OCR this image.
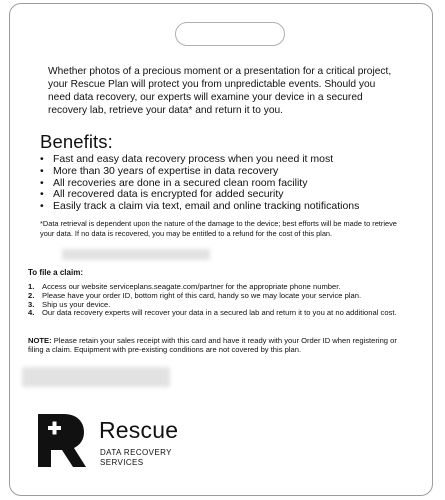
Whether photos of a precious moment or a presentation for a critical project, your Rescue Plan will protect you from unpredictable events. Should you need data recovery, our experts will examine your device in a secured recovery lab, retrieve your data* and return it to you.

Benefits:
• Fast and easy data recovery process when you need it most
• More than 30 years of expertise in data recovery
• All recoveries are done in a secured clean room facility
• All recovered data is encrypted for added security
• Easily track a claim via text, email and online tracking notifications

*Data retrieval is dependent upon the nature of the damage to the device; best efforts will be made to retrieve your data. If no data is recovered, you may be entitled to a refund for the cost of this plan.

To file a claim:
1. Access our website serviceplans.seagate.com/partner for the appropriate phone number.
2. Please have your order ID, bottom right of this card, handy so we may locate your service plan.
3. Ship us your device.
4. Our data recovery experts will recover your data in a secured lab and return it to you at no additional cost.

NOTE: Please retain your sales receipt with this card and have it ready with your Order ID when registering or filing a claim. Equipment with pre-existing conditions are not covered by this plan.

Rescue

DATA RECOVERY
SERVICES
